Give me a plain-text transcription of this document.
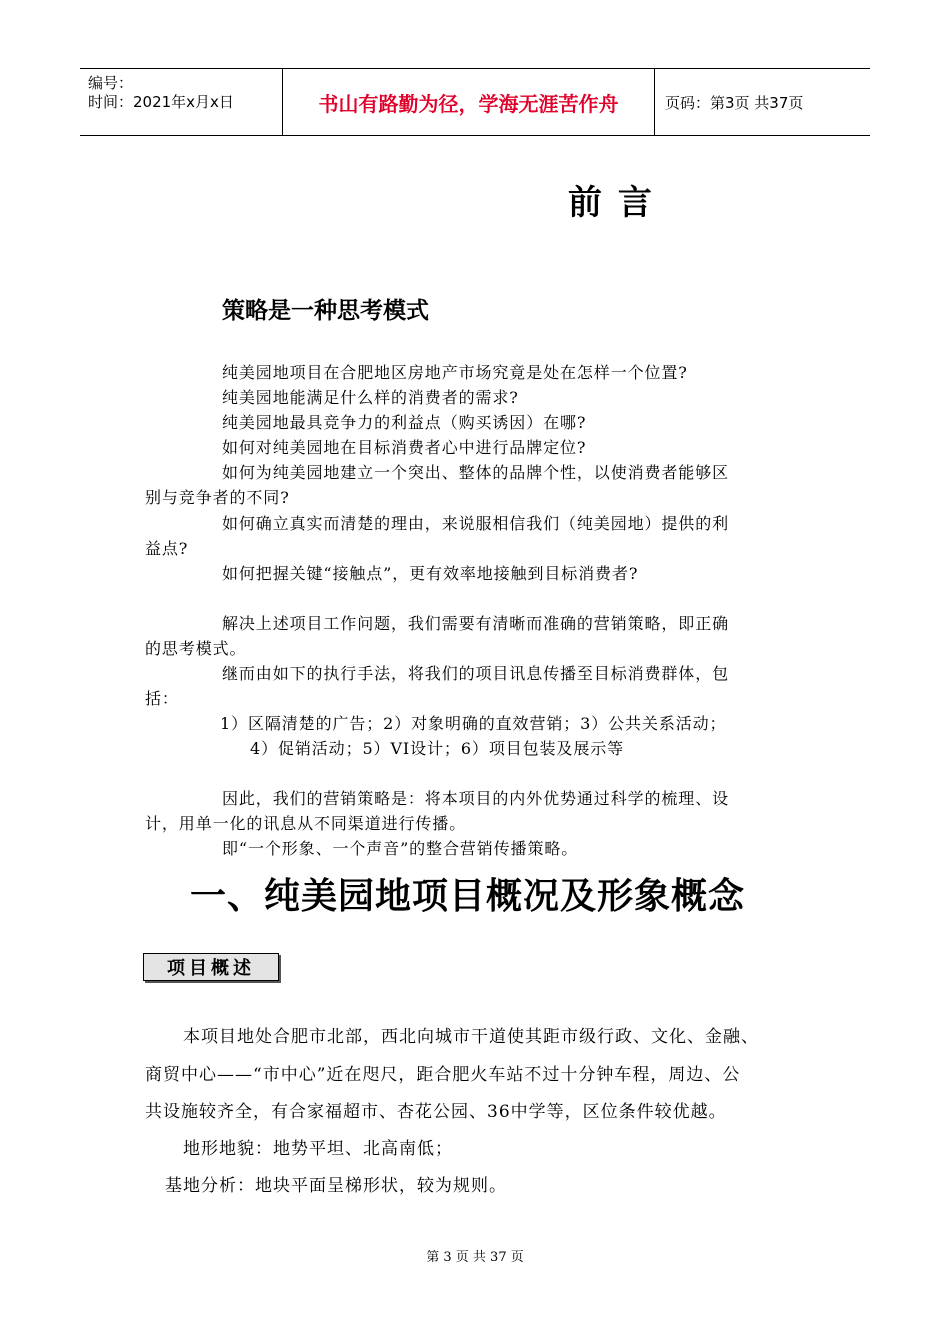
编号：
时间：2021年x月x日	书山有路勤为径，学海无涯苦作舟	页码：第3页 共37页
前 言
策略是一种思考模式
纯美园地项目在合肥地区房地产市场究竟是处在怎样一个位置?
纯美园地能满足什么样的消费者的需求?
纯美园地最具竞争力的利益点（购买诱因）在哪?
如何对纯美园地在目标消费者心中进行品牌定位?
如何为纯美园地建立一个突出、整体的品牌个性，以使消费者能够区
别与竞争者的不同?
如何确立真实而清楚的理由，来说服相信我们（纯美园地）提供的利
益点?
如何把握关键“接触点”，更有效率地接触到目标消费者?
解决上述项目工作问题，我们需要有清晰而准确的营销策略，即正确
的思考模式。
继而由如下的执行手法，将我们的项目讯息传播至目标消费群体，包
括：
1）区隔清楚的广告；2）对象明确的直效营销；3）公共关系活动；
4）促销活动；5）VI设计；6）项目包装及展示等
因此，我们的营销策略是：将本项目的内外优势通过科学的梳理、设
计，用单一化的讯息从不同渠道进行传播。
即“一个形象、一个声音”的整合营销传播策略。
一、纯美园地项目概况及形象概念
项目概述
本项目地处合肥市北部，西北向城市干道使其距市级行政、文化、金融、
商贸中心——“市中心”近在咫尺，距合肥火车站不过十分钟车程，周边、公
共设施较齐全，有合家福超市、杏花公园、36中学等，区位条件较优越。
地形地貌：地势平坦、北高南低；
基地分析：地块平面呈梯形状，较为规则。
第 3 页 共 37 页
